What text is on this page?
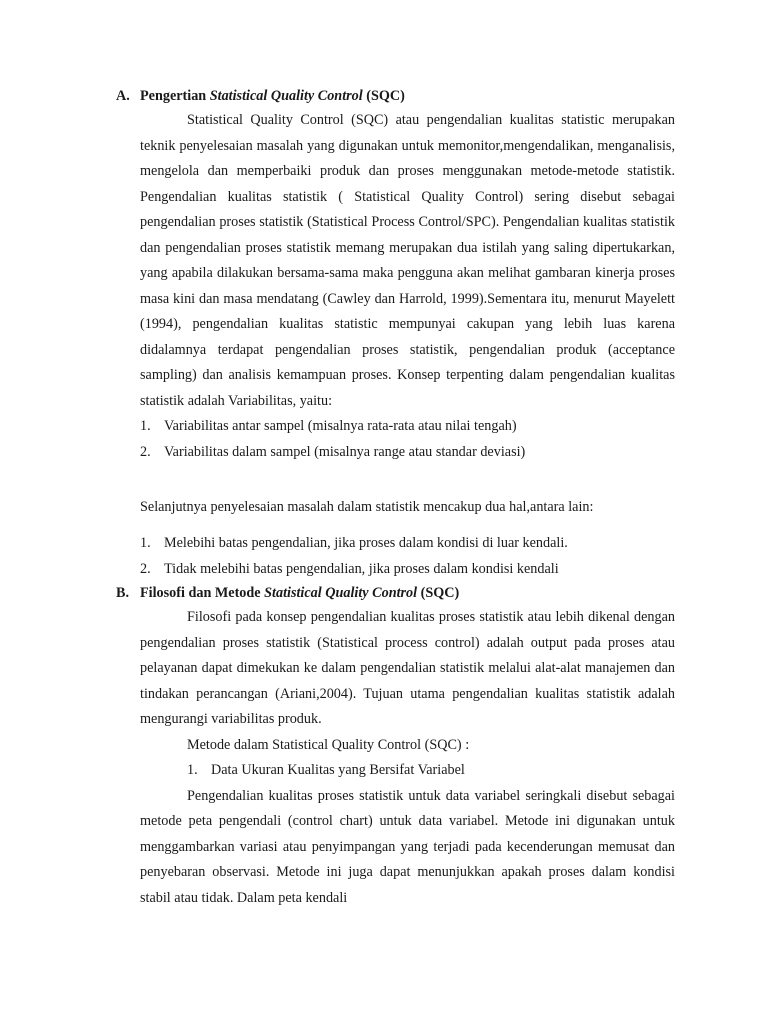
A. Pengertian Statistical Quality Control (SQC)

Statistical Quality Control (SQC) atau pengendalian kualitas statistic merupakan teknik penyelesaian masalah yang digunakan untuk memonitor,mengendalikan, menganalisis, mengelola dan memperbaiki produk dan proses menggunakan metode-metode statistik. Pengendalian kualitas statistik ( Statistical Quality Control) sering disebut sebagai pengendalian proses statistik (Statistical Process Control/SPC). Pengendalian kualitas statistik dan pengendalian proses statistik memang merupakan dua istilah yang saling dipertukarkan, yang apabila dilakukan bersama-sama maka pengguna akan melihat gambaran kinerja proses masa kini dan masa mendatang (Cawley dan Harrold, 1999).Sementara itu, menurut Mayelett (1994), pengendalian kualitas statistic mempunyai cakupan yang lebih luas karena didalamnya terdapat pengendalian proses statistik, pengendalian produk (acceptance sampling) dan analisis kemampuan proses. Konsep terpenting dalam pengendalian kualitas statistik adalah Variabilitas, yaitu:

1. Variabilitas antar sampel (misalnya rata-rata atau nilai tengah)
2. Variabilitas dalam sampel (misalnya range atau standar deviasi)

Selanjutnya penyelesaian masalah dalam statistik mencakup dua hal,antara lain:

1. Melebihi batas pengendalian, jika proses dalam kondisi di luar kendali.
2. Tidak melebihi batas pengendalian, jika proses dalam kondisi kendali
B. Filosofi dan Metode Statistical Quality Control (SQC)

Filosofi pada konsep pengendalian kualitas proses statistik atau lebih dikenal dengan pengendalian proses statistik (Statistical process control) adalah output pada proses atau pelayanan dapat dimekukan ke dalam pengendalian statistik melalui alat-alat manajemen dan tindakan perancangan (Ariani,2004). Tujuan utama pengendalian kualitas statistik adalah mengurangi variabilitas produk.

Metode dalam Statistical Quality Control (SQC) :

1. Data Ukuran Kualitas yang Bersifat Variabel

Pengendalian kualitas proses statistik untuk data variabel seringkali disebut sebagai metode peta pengendali (control chart) untuk data variabel. Metode ini digunakan untuk menggambarkan variasi atau penyimpangan yang terjadi pada kecenderungan memusat dan penyebaran observasi. Metode ini juga dapat menunjukkan apakah proses dalam kondisi stabil atau tidak. Dalam peta kendali
